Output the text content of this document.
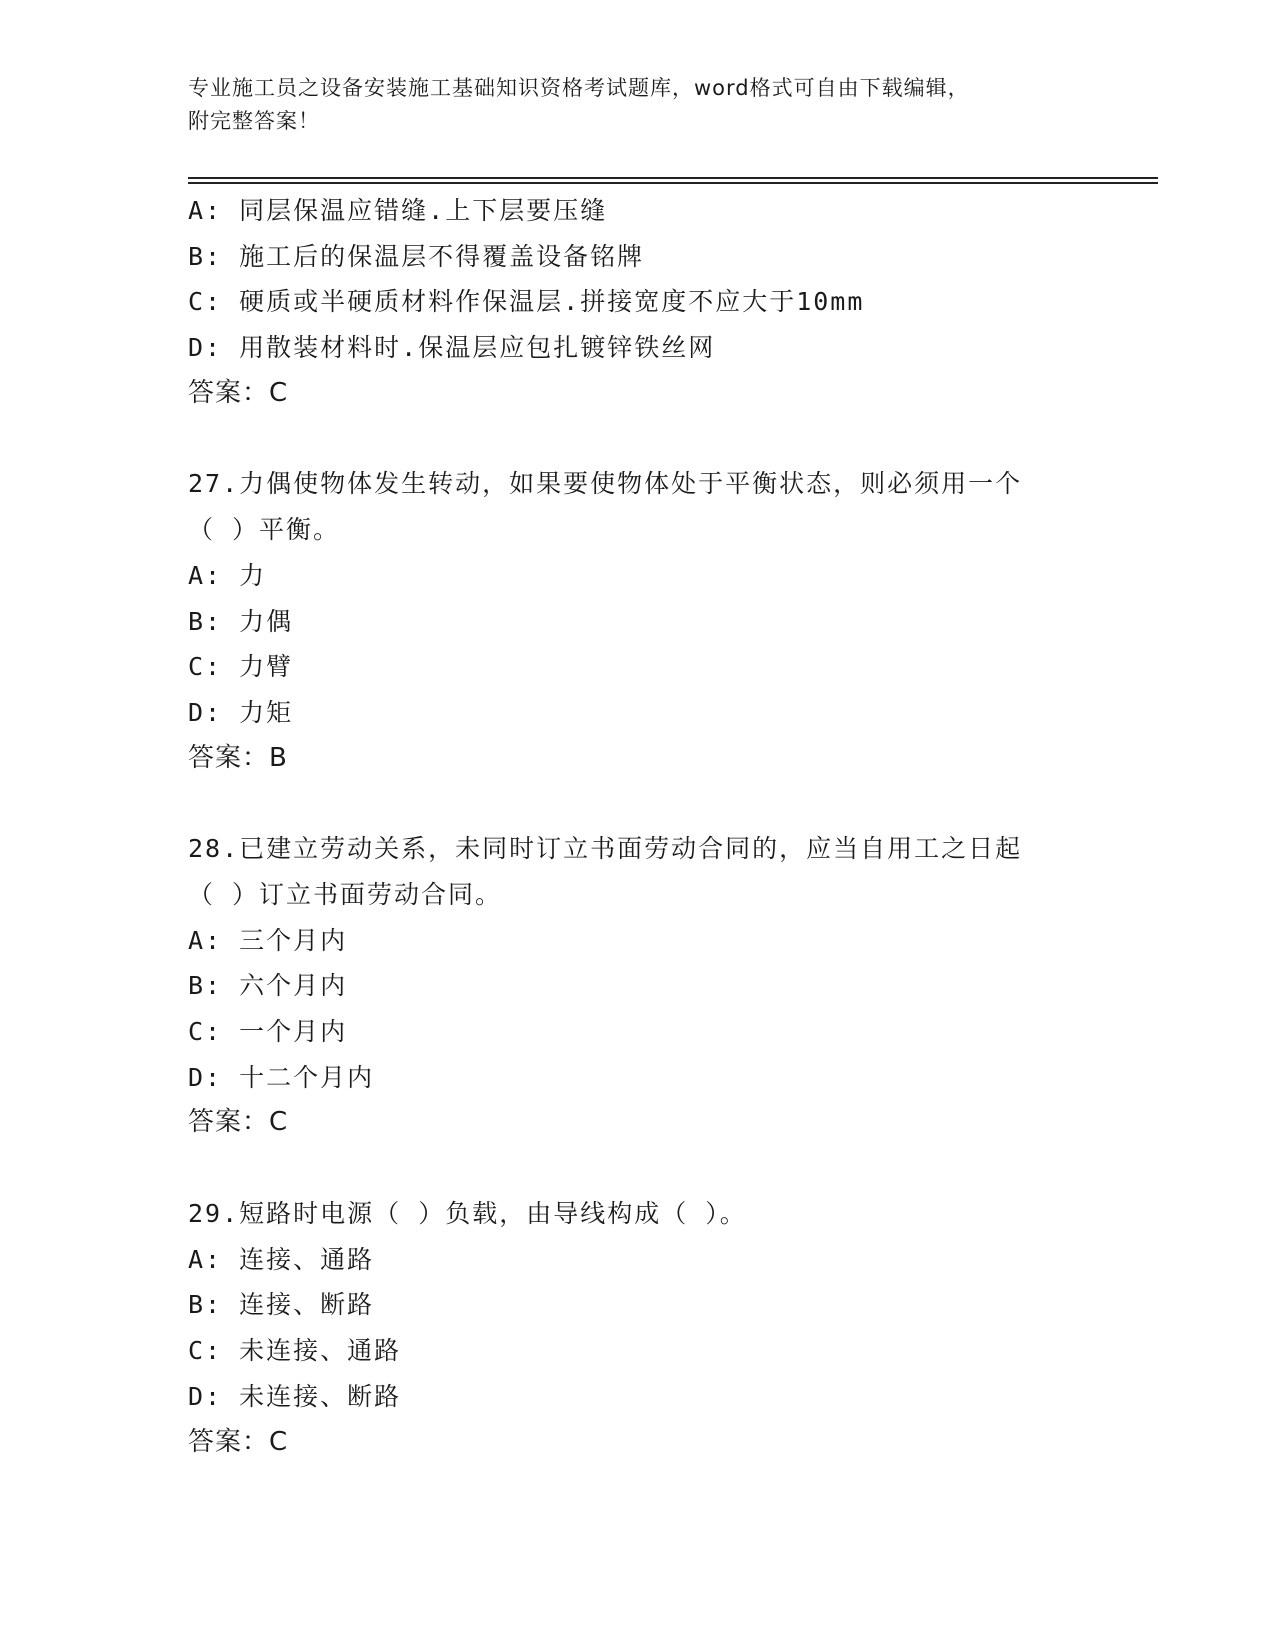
专业施工员之设备安装施工基础知识资格考试题库，word格式可自由下载编辑，
附完整答案！
A: 同层保温应错缝.上下层要压缝
B: 施工后的保温层不得覆盖设备铭牌
C: 硬质或半硬质材料作保温层.拼接宽度不应大于10mm
D: 用散装材料时.保温层应包扎镀锌铁丝网
答案：C
27.力偶使物体发生转动，如果要使物体处于平衡状态，则必须用一个
（ ）平衡。
A: 力
B: 力偶
C: 力臂
D: 力矩
答案：B
28.已建立劳动关系，未同时订立书面劳动合同的，应当自用工之日起
（ ）订立书面劳动合同。
A: 三个月内
B: 六个月内
C: 一个月内
D: 十二个月内
答案：C
29.短路时电源（ ）负载，由导线构成（ ）。
A: 连接、通路
B: 连接、断路
C: 未连接、通路
D: 未连接、断路
答案：C
